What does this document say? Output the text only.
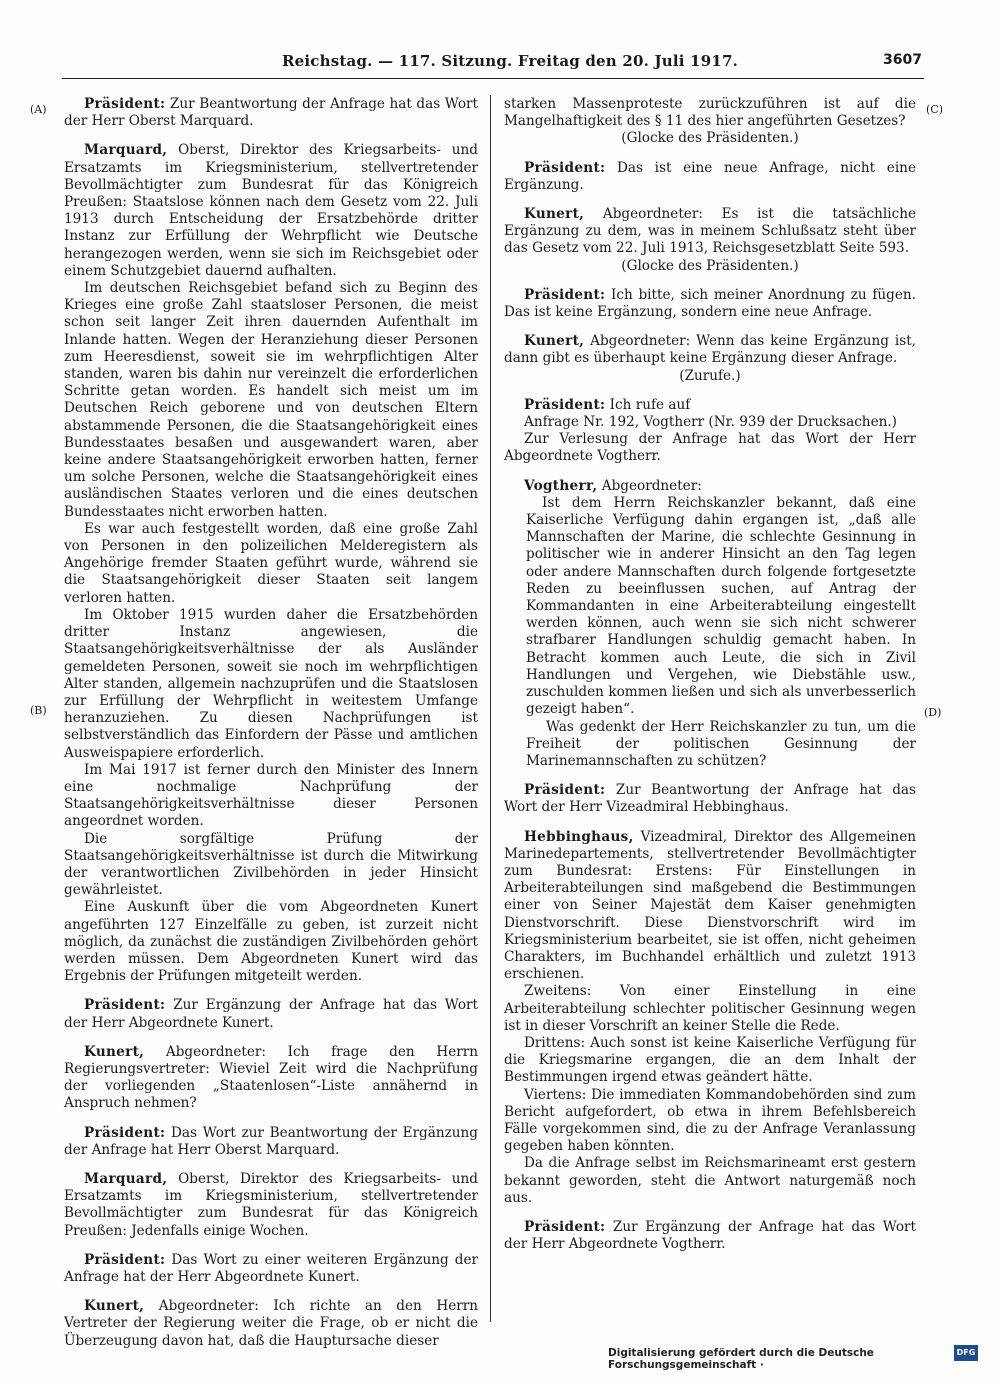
Reichstag. — 117. Sitzung. Freitag den 20. Juli 1917.	3607
(A)
(B)
(C)
(D)

Präsident: Zur Beantwortung der Anfrage hat das Wort der Herr Oberst Marquard.

Marquard, Oberst, Direktor des Kriegsarbeits- und Ersatzamts im Kriegsministerium, stellvertretender Bevollmächtigter zum Bundesrat für das Königreich Preußen: Staatslose können nach dem Gesetz vom 22. Juli 1913 durch Entscheidung der Ersatzbehörde dritter Instanz zur Erfüllung der Wehrpflicht wie Deutsche herangezogen werden, wenn sie sich im Reichsgebiet oder einem Schutzgebiet dauernd aufhalten.

Im deutschen Reichsgebiet befand sich zu Beginn des Krieges eine große Zahl staatsloser Personen, die meist schon seit langer Zeit ihren dauernden Aufenthalt im Inlande hatten. Wegen der Heranziehung dieser Personen zum Heeresdienst, soweit sie im wehrpflichtigen Alter standen, waren bis dahin nur vereinzelt die erforderlichen Schritte getan worden. Es handelt sich meist um im Deutschen Reich geborene und von deutschen Eltern abstammende Personen, die die Staatsangehörigkeit eines Bundesstaates besaßen und ausgewandert waren, aber keine andere Staatsangehörigkeit erworben hatten, ferner um solche Personen, welche die Staatsangehörigkeit eines ausländischen Staates verloren und die eines deutschen Bundesstaates nicht erworben hatten.

Es war auch festgestellt worden, daß eine große Zahl von Personen in den polizeilichen Melderegistern als Angehörige fremder Staaten geführt wurde, während sie die Staatsangehörigkeit dieser Staaten seit langem verloren hatten.

Im Oktober 1915 wurden daher die Ersatzbehörden dritter Instanz angewiesen, die Staatsangehörigkeitsverhältnisse der als Ausländer gemeldeten Personen, soweit sie noch im wehrpflichtigen Alter standen, allgemein nachzuprüfen und die Staatslosen zur Erfüllung der Wehrpflicht in weitestem Umfange heranzuziehen. Zu diesen Nachprüfungen ist selbstverständlich das Einfordern der Pässe und amtlichen Ausweispapiere erforderlich.

Im Mai 1917 ist ferner durch den Minister des Innern eine nochmalige Nachprüfung der Staatsangehörigkeitsverhältnisse dieser Personen angeordnet worden.

Die sorgfältige Prüfung der Staatsangehörigkeitsverhältnisse ist durch die Mitwirkung der verantwortlichen Zivilbehörden in jeder Hinsicht gewährleistet.

Eine Auskunft über die vom Abgeordneten Kunert angeführten 127 Einzelfälle zu geben, ist zurzeit nicht möglich, da zunächst die zuständigen Zivilbehörden gehört werden müssen. Dem Abgeordneten Kunert wird das Ergebnis der Prüfungen mitgeteilt werden.

Präsident: Zur Ergänzung der Anfrage hat das Wort der Herr Abgeordnete Kunert.

Kunert, Abgeordneter: Ich frage den Herrn Regierungsvertreter: Wieviel Zeit wird die Nachprüfung der vorliegenden „Staatenlosen“-Liste annähernd in Anspruch nehmen?

Präsident: Das Wort zur Beantwortung der Ergänzung der Anfrage hat Herr Oberst Marquard.

Marquard, Oberst, Direktor des Kriegsarbeits- und Ersatzamts im Kriegsministerium, stellvertretender Bevollmächtigter zum Bundesrat für das Königreich Preußen: Jedenfalls einige Wochen.

Präsident: Das Wort zu einer weiteren Ergänzung der Anfrage hat der Herr Abgeordnete Kunert.

Kunert, Abgeordneter: Ich richte an den Herrn Vertreter der Regierung weiter die Frage, ob er nicht die Überzeugung davon hat, daß die Hauptursache dieser

starken Massenproteste zurückzuführen ist auf die Mangelhaftigkeit des § 11 des hier angeführten Gesetzes?

(Glocke des Präsidenten.)

Präsident: Das ist eine neue Anfrage, nicht eine Ergänzung.

Kunert, Abgeordneter: Es ist die tatsächliche Ergänzung zu dem, was in meinem Schlußsatz steht über das Gesetz vom 22. Juli 1913, Reichsgesetzblatt Seite 593.

(Glocke des Präsidenten.)

Präsident: Ich bitte, sich meiner Anordnung zu fügen. Das ist keine Ergänzung, sondern eine neue Anfrage.

Kunert, Abgeordneter: Wenn das keine Ergänzung ist, dann gibt es überhaupt keine Ergänzung dieser Anfrage.

(Zurufe.)

Präsident: Ich rufe auf

Anfrage Nr. 192, Vogtherr (Nr. 939 der Drucksachen.)

Zur Verlesung der Anfrage hat das Wort der Herr Abgeordnete Vogtherr.

Vogtherr, Abgeordneter:

Ist dem Herrn Reichskanzler bekannt, daß eine Kaiserliche Verfügung dahin ergangen ist, „daß alle Mannschaften der Marine, die schlechte Gesinnung in politischer wie in anderer Hinsicht an den Tag legen oder andere Mannschaften durch folgende fortgesetzte Reden zu beeinflussen suchen, auf Antrag der Kommandanten in eine Arbeiterabteilung eingestellt werden können, auch wenn sie sich nicht schwerer strafbarer Handlungen schuldig gemacht haben. In Betracht kommen auch Leute, die sich in Zivil Handlungen und Vergehen, wie Diebstähle usw., zuschulden kommen ließen und sich als unverbesserlich gezeigt haben“.

Was gedenkt der Herr Reichskanzler zu tun, um die Freiheit der politischen Gesinnung der Marinemannschaften zu schützen?

Präsident: Zur Beantwortung der Anfrage hat das Wort der Herr Vizeadmiral Hebbinghaus.

Hebbinghaus, Vizeadmiral, Direktor des Allgemeinen Marinedepartements, stellvertretender Bevollmächtigter zum Bundesrat: Erstens: Für Einstellungen in Arbeiterabteilungen sind maßgebend die Bestimmungen einer von Seiner Majestät dem Kaiser genehmigten Dienstvorschrift. Diese Dienstvorschrift wird im Kriegsministerium bearbeitet, sie ist offen, nicht geheimen Charakters, im Buchhandel erhältlich und zuletzt 1913 erschienen.

Zweitens: Von einer Einstellung in eine Arbeiterabteilung schlechter politischer Gesinnung wegen ist in dieser Vorschrift an keiner Stelle die Rede.

Drittens: Auch sonst ist keine Kaiserliche Verfügung für die Kriegsmarine ergangen, die an dem Inhalt der Bestimmungen irgend etwas geändert hätte.

Viertens: Die immediaten Kommandobehörden sind zum Bericht aufgefordert, ob etwa in ihrem Befehlsbereich Fälle vorgekommen sind, die zu der Anfrage Veranlassung gegeben haben könnten.

Da die Anfrage selbst im Reichsmarineamt erst gestern bekannt geworden, steht die Antwort naturgemäß noch aus.

Präsident: Zur Ergänzung der Anfrage hat das Wort der Herr Abgeordnete Vogtherr.

Digitalisierung gefördert durch die Deutsche Forschungsgemeinschaft ·
DFG
